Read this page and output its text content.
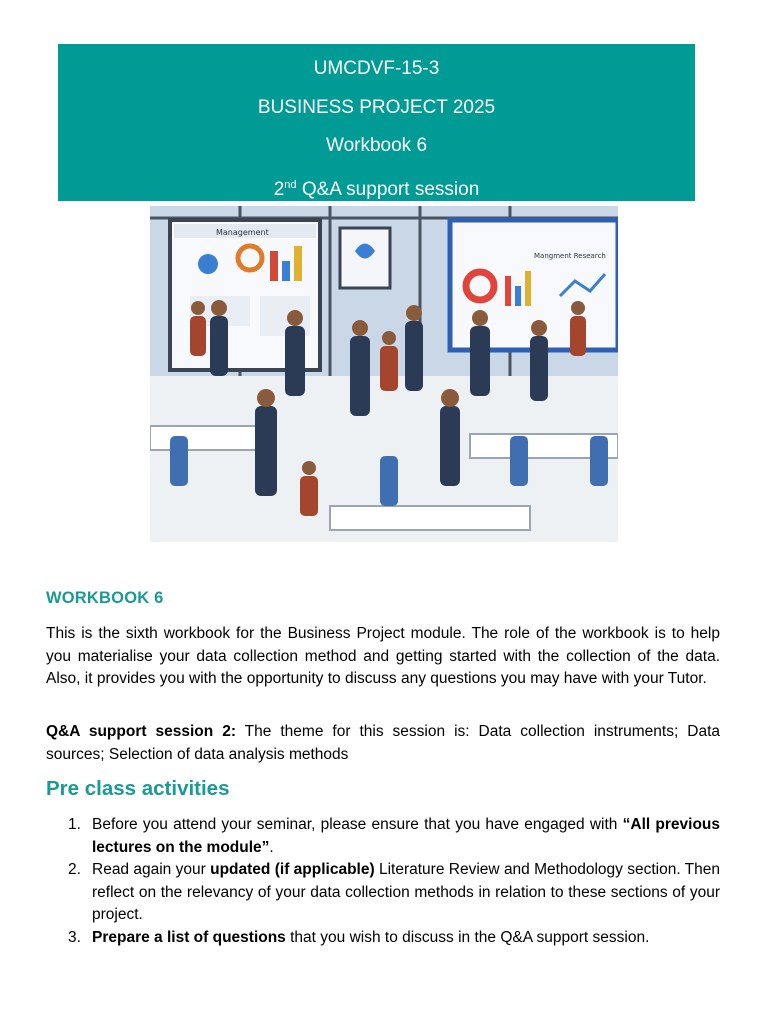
UMCDVF-15-3
BUSINESS PROJECT 2025
Workbook 6
2nd Q&A support session
Management
Mangment Research
WORKBOOK 6
This is the sixth workbook for the Business Project module. The role of the workbook is to help you materialise your data collection method and getting started with the collection of the data. Also, it provides you with the opportunity to discuss any questions you may have with your Tutor.
Q&A support session 2: The theme for this session is: Data collection instruments; Data sources; Selection of data analysis methods
Pre class activities
1. Before you attend your seminar, please ensure that you have engaged with “All previous lectures on the module”.
2. Read again your updated (if applicable) Literature Review and Methodology section. Then reflect on the relevancy of your data collection methods in relation to these sections of your project.
3. Prepare a list of questions that you wish to discuss in the Q&A support session.
